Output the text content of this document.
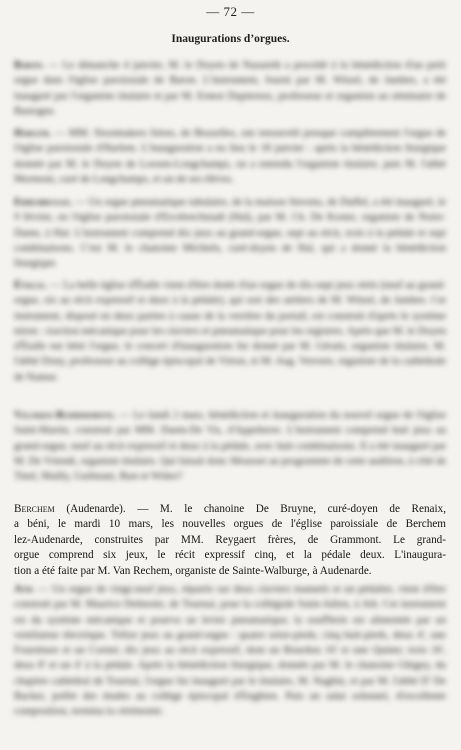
— 72 —
Inaugurations d’orgues.

Baron. — Le dimanche 4 janvier, M. le Doyen de Nazareth a procédé à la bénédiction d'un petit orgue dans l'église paroissiale de Baron. L'instrument, fourni par M. Witzel, de Jambes, a été inauguré par l'organiste titulaire et par M. Ernest Dupiereux, professeur et organiste au séminaire de Bastogne.

Harlem. — MM. Slootmakers frères, de Bruxelles, ont renouvelé presque complètement l'orgue de l'église paroissiale d'Harlem. L'inauguration a eu lieu le 18 janvier : après la bénédiction liturgique donnée par M. le Doyen de Loosen-Longchamps, on a entendu l'organiste titulaire, puis M. l'abbé Mormont, curé de Longchamps, et un de ses élèves.

Erbesbrugge. — Un orgue pneumatique tubulaire, de la maison Stevens, de Duffel, a été inauguré, le 9 février, en l'église paroissiale d'Ercebrechstadt (Hal), par M. Ch. De Koster, organiste de Notre-Dame, à Hal. L'instrument comprend dix jeux au grand-orgue, sept au récit, trois à la pédale et sept combinaisons. C'est M. le chanoine Michiels, curé-doyen de Hal, qui a donné la bénédiction liturgique.

Étalle. — La belle église d'Étalle vient d'être dotée d'un orgue de dix-sept jeux réels (neuf au grand-orgue, six au récit expressif et deux à la pédale), qui sort des ateliers de M. Witzel, de Jambes. Cet instrument, disposé en deux parties à cause de la verrière du portail, est construit d'après le système mixte : traction mécanique pour les claviers et pneumatique pour les registres. Après que M. le Doyen d'Étalle eut béni l'orgue, le concert d'inauguration fut donné par M. Gérain, organiste titulaire, M. l'abbé Dony, professeur au collège épiscopal de Virton, et M. Aug. Verroen, organiste de la cathédrale de Namur.

Velsique-Ruddershove. — Le lundi 2 mars, bénédiction et inauguration du nouvel orgue de l'église Saint-Martin, construit par MM. Daem-De Vis, d'Appelterre. L'instrument comprend huit jeux au grand-orgue, neuf au récit expressif et deux à la pédale, avec huit combinaisons. Il a été inauguré par M. De Vriendt, organiste titulaire. Qui faisait donc Mousset au programme de cette audition, à côté de Tinel, Mailly, Guilmant, Bast et Widor?

Berchem (Audenarde). — M. le chanoine De Bruyne, curé-doyen de Renaix,
a béni, le mardi 10 mars, les nouvelles orgues de l'église paroissiale de Berchem
lez-Audenarde, construites par MM. Reygaert frères, de Grammont. Le grand-
orgue comprend six jeux, le récit expressif cinq, et la pédale deux. L'inaugura-
tion a été faite par M. Van Rechem, organiste de Sainte-Walburge, à Audenarde.

Ath. — Un orgue de vingt-neuf jeux, répartis sur deux claviers manuels et un pédalier, vient d'être construit par M. Maurice Delmotte, de Tournai, pour la collégiale Saint-Julien, à Ath. Cet instrument est du système mécanique et pourvu un levier pneumatique; la soufflerie est alimentée par un ventilateur électrique. Trêize jeux au grand-orgue : quatre seize-pieds, cinq huit-pieds, deux 4', une Fourniture et un Cornet; dix jeux au récit expressif, dont un Bourdon 16' et une Quinte; trois 16', deux 8' et un 4' à la pédale. Après la bénédiction liturgique, donnée par M. le chanoine Ghigny, du chapitre cathédral de Tournai, l'orgue fut inauguré par le titulaire, M. Naghin, et par M. l'abbé D' De Backer, préfet des études au collège épiscopal d'Enghien. Puis un salut solennel, d'excellente composition, termina la cérémonie.
